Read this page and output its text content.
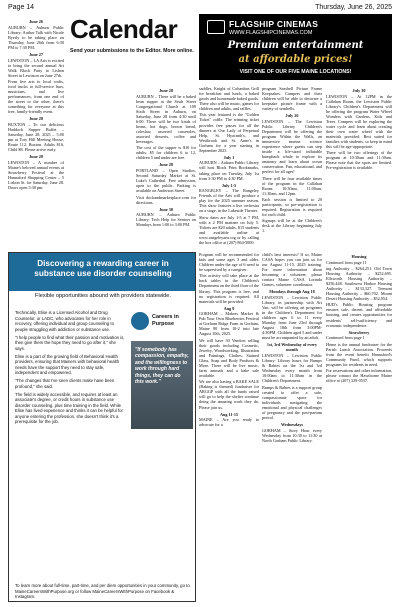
Page 14	Thursday, June 26, 2025

June 26

AUBURN – Auburn Public Library: Author Talk with Nicole Byerly to be taking place on Thursday, June 26th from 6:30 PM to 7:30 PM.

June 27

LEWISTON – LA Arts is excited to bring the second annual Art Walk Block Party to Lisbon Street in Lewiston on June 27th.

From live arts to local crafts, food trucks to full-service bars, musicians, and live performances, from one end of the street to the other, there's something for everyone at this free, family-friendly event.

June 28

BUXTON – To our delicious Haddock Supper Buffet – Saturday, June 28, 2025 – 5:00 pm at Tory Hill Meeting House, Route 112, Buxton. Adults $16, Child $8. Please arrive early.

June 28

LEWISTON – A number of Maine's beloved annual events at Strawberry Festival at the Hannaford Shopping Center – 5 Lisbon St. for Saturday, June 28. Doors open 5:30 pm.

Calendar
Send your submissions to the Editor. More online.
FLAGSHIP CINEMAS
WWW.FLAGSHIPCINEMAS.COM
Premium entertainment
at affordable prices!
VISIT ONE OF OUR FIVE MAINE LOCATIONS!

June 28

AUBURN – There will be a baked bean supper at the Sixth Street Congregational Church at 109 Sixth Street in Auburn, on Saturday, June 28 from 4:30 until 6:00. There will be two kinds of beans, hot dogs, brown bread, coleslaw, assorted casseroles, assorted desserts, coffee and beverages.

The cost of the supper is $10 for adults, $5 for children 6 to 12, children 5 and under are free.

June 28

PORTLAND – Open Studios, Second Saturday Market at St. Luke's Cathedral. Free admission, open to the public. Parking is available on Anderson Street.

Visit dockandmarketplace.com for directions.

June 30

AUBURN – Auburn Public Library: Tech Help for Seniors on Mondays from 1:00 to 3:00 PM.

saddles, Knight of Columbus Grill for breakfast and lunch, a baked goods and homemade baked goods. There also will be music, games for children and adults, and raffles.

This year featured is the "Golden Ticket" raffle. The winning ticket provides free passes for all the dinners at Our Lady of Perpetual Help, St. Hyacinth's, and Westbrook and St. Anne's in Gorham for a year starting in September 2025.

July 1

AUBURN – Auburn Public Library will host Block Print Bookmarks, taking place on Tuesday, July 1st from 3:30 PM to 4:30 PM.

July 1-5

RANGELEY – The Rangeley Friends of the Arts will produce a play for the 2025 summer season. This show features a live orchestra on a stage, in the Lakeside Theater.

Show dates are July 1-5 at 7 PM, with a 2 PM matinee on July 5. Tickets are $20 adults, $15 students and available online at www.rangeleyarts.org or by calling the box office at (207) 864-5000.

program Seashell Picture Frame Keepsakes. Campers and their children will be able to decorate a keepsake picture frame with a variety of seashells.

July 26

LEWISTON – The Lewiston Public Library Children's Department will be offering the program Within the Walls, an immersive marine science experience where guests can step inside a life-sized inflatable humpback whale to explore its anatomy and learn about ocean conservation. Fun, educational, and perfect for all ages!

There will be four available times of the program in the Callahan Room: 10:30am, 11:00am, 11:30am, and 12pm.

Each session is limited to 20 participants, so pre-registration is required. Registration is required for each child.

Signups will be at the Children's desk at the Library beginning July 1.

July 30

LEWISTON – At 12PM in the Callahan Room, the Lewiston Public Library's Children's Department will be offering the program Water Wheel Wonders with Gardens, Kids and Trees. Campers will be exploring the water cycle and learn about creating their own water wheel with the materials provided. Best suited for families with students, so keep in mind this will be age-appropriate.

There will be two offerings of the program at 10:30am and 11:30am. Please note that the spots are limited. Pre-registration is available.

Discovering a rewarding career in substance use disorder counseling
Flexible opportunities abound with providers statewide.

Technically, Elise is a Licensed Alcohol and Drug Counselor, or LADC, who advocates for her role in recovery, offering individual and group counseling to people struggling with addiction or substance use.

"I help people to find what their passion and motivation is, then give them the hope they need to go after it," she says.

Elise is a part of the growing field of Behavioral Health providers, ensuring that Mainers with behavioral health needs have the support they need to stay safe, independent and empowered.

"The changes that I've seen clients make have been profound," she said.

The field is widely accessible, and requires at least an associate's degree, or credit hours in substance use disorder counseling, plus time training in the field. While Elise has lived experience and thinks it can be helpful for anyone entering the profession, she doesn't think it's a prerequisite for the job.

Careers in Purpose
"If somebody has compassion, empathy, and the willingness to work through hard things, they can do this work."
To learn more about full-time, part-time, and per diem opportunities in your community, go to MaineCareersWithPurpose.org or follow MaineCareersWithPurpose on Facebook & Instagram.

Program will be recommended for kids and some ages 3 and older. Children under the age of 6 need to be supervised by a caregiver.

This activity will take place at the back tables in the Children's Department on the third floor of the library. This program is free, and no registration is required. All materials will be provided.

Aug 9

GORHAM – Makers Market & Pub Your Own Blueberries Festival at Gorham Ridge Farm in Gorham, Maine 90 from 10-2 into late August 10th, 2025.

We will have 30 Vendors selling their goods including Cosmetic, Jewelry, Woodworking, Illustration and Paintings, Clothes, Stained Glass, Soap and Body Products & More. There will be live music, farm animals and a bake sale available.

We are also having a BAKE SALE (Baking is themed) fundraiser for ARGGP with all the funds raised will go to help the shelter continue doing the amazing work they do. Please join us.

Aug 11-15

MAINE – Are you ready to advocate for a

child's best interests? If so, Maine CASA hopes you can join us for our August 11-15, 2025 training. For more information about becoming a volunteer, please contact Maine CASA Lorinda Gomes, volunteer coordinator.

Mondays through Aug 18

LEWISTON – Lewiston Public Library, in partnership with Art Van, will be offering art programs in the Children's Department for children ages 6 to 11 every Monday from June 23rd through August 18th from 3:00PM-4:30PM. Children aged 5 and under must be accompanied by an adult.

1st, 3rd Wednesday of every month

LEWISTON – Lewiston Public Library: Library hours for Bumps & Babies on the 1st and 3rd Wednesday every month from 10:00am to 11:30am in the Children's Department.

Bumps & Babies is a support group created to offer a safe, compassionate space for individuals navigating the emotional and physical challenges of pregnancy and the post-partum period.

Wednesdays

GORHAM – Story Hour every Wednesday from 10:30 to 11:30 at North Gorham Public Library.

Housing

Continued from page 11

ing Authority – $264,251. Old Town Housing Authority – $252,695. Ellsworth Housing Authority – $256,448. Southwest Harbor Housing Authority – $133,327. Tremont Housing Authority – $60,702. Mount Desert Housing Authority – $52,054.

HUD's Public Housing program ensures safe, decent, and affordable housing, and creates opportunities for residents' self-sufficiency and economic independence.

Strawberry

Continued from page 1

Home is the annual fundraiser for the Parish Lunch Association. Proceeds from the event benefit Hannaford's Community Fund, which supports programs for residents in need.

For reservations and other information, please contact the Hawthorne Maine office at (207) 329-0537.
